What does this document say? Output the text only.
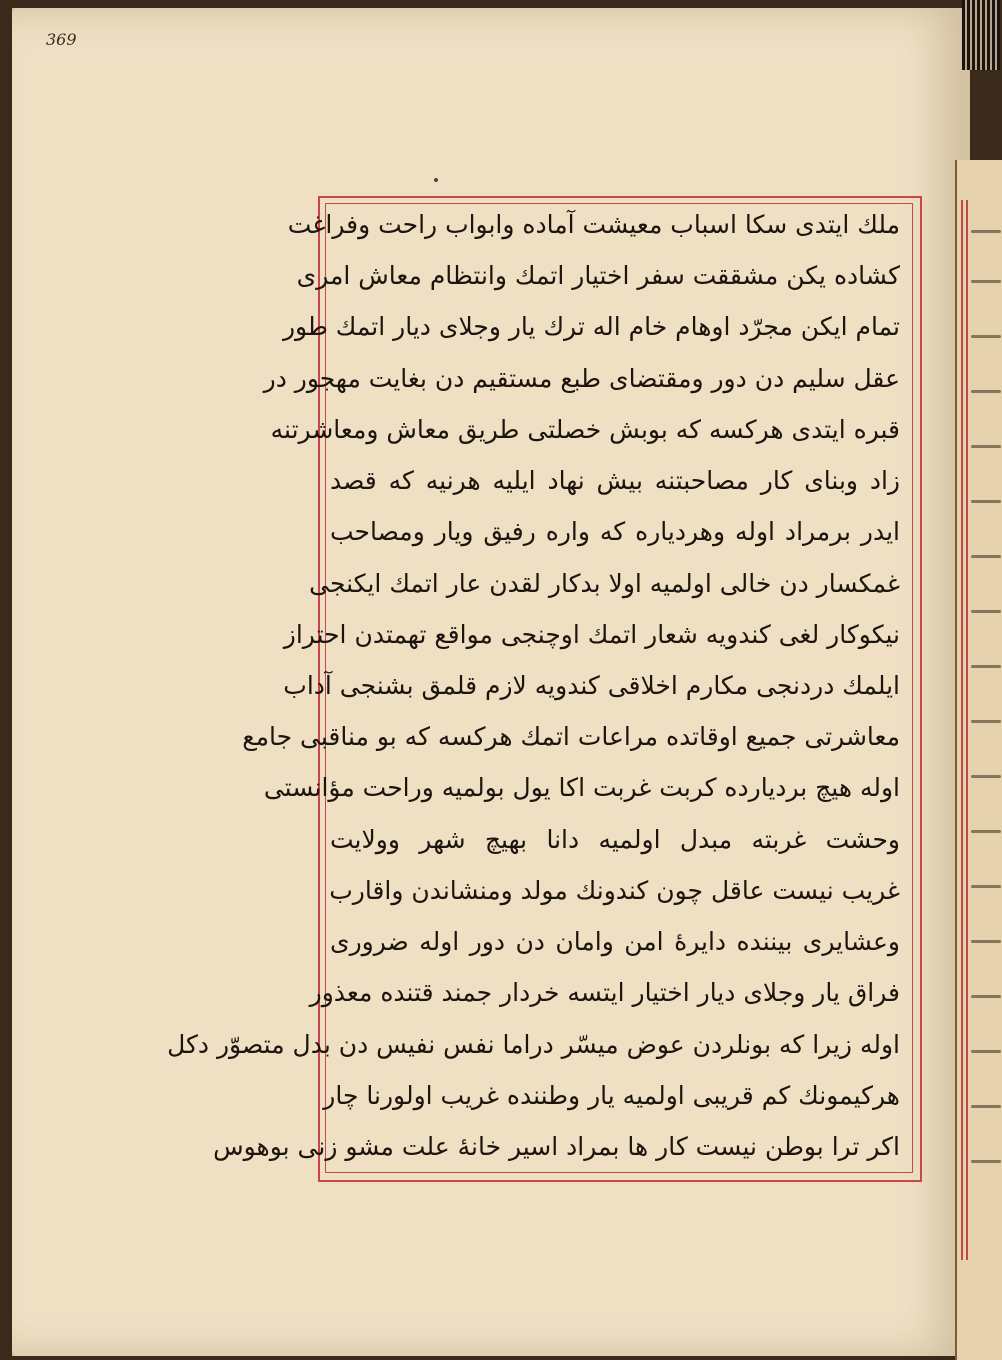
369
ملك ایتدی سكا اسباب معیشت آماده وابواب راحت وفراغت
كشاده یكن مشققت سفر اختیار اتمك وانتظام معاش امری
تمام ایكن مجرّد اوهام خام اله ترك یار وجلای دیار اتمك طور
عقل سلیم دن دور ومقتضای طبع مستقیم دن بغایت مهجور در
قبره ایتدی هركسه كه بوبش خصلتی طریق معاش ومعاشرتنه
زاد وبنای كار مصاحبتنه بیش نهاد ایلیه هرنیه كه قصد
ایدر برمراد اوله وهردیاره كه واره رفیق ویار ومصاحب
غمكسار دن خالی اولمیه اولا بدكار لقدن عار اتمك ایكنجی
نیكوكار لغی كندویه شعار اتمك اوچنجی مواقع تهمتدن احتراز
ایلمك دردنجی مكارم اخلاقی كندویه لازم قلمق بشنجی آداب
معاشرتی جمیع اوقاتده مراعات اتمك هركسه كه بو مناقبی جامع
اوله هیچ بردیارده كربت غربت اكا یول بولمیه وراحت مؤانستی
وحشت غربته مبدل اولمیه دانا بهیچ شهر وولایت
غریب نیست عاقل چون كندونك مولد ومنشاندن واقارب
وعشایری بیننده دایرهٔ امن وامان دن دور اوله ضروری
فراق یار وجلای دیار اختیار ایتسه خردار جمند قتنده معذور
اوله زیرا كه بونلردن عوض میسّر دراما نفس نفیس دن بدل متصوّر دكل
هركیمونك كم قریبی اولمیه یار وطننده غریب اولورنا چار
اكر ترا بوطن نیست كار ها بمراد اسیر خانهٔ علت مشو زنی بوهوس
